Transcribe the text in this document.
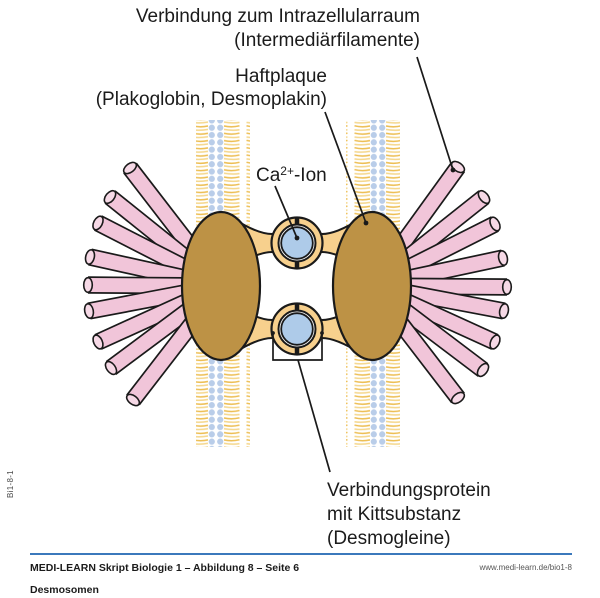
Verbindung zum Intrazellularraum
(Intermediärfilamente)
Haftplaque
(Plakoglobin, Desmoplakin)
$Ca^{2+}$-Ion
Verbindungsprotein
mit Kittsubstanz
(Desmogleine)
Bi1-8-1
MEDI-LEARN Skript Biologie 1 – Abbildung 8 – Seite 6	www.medi-learn.de/bio1-8
Desmosomen
